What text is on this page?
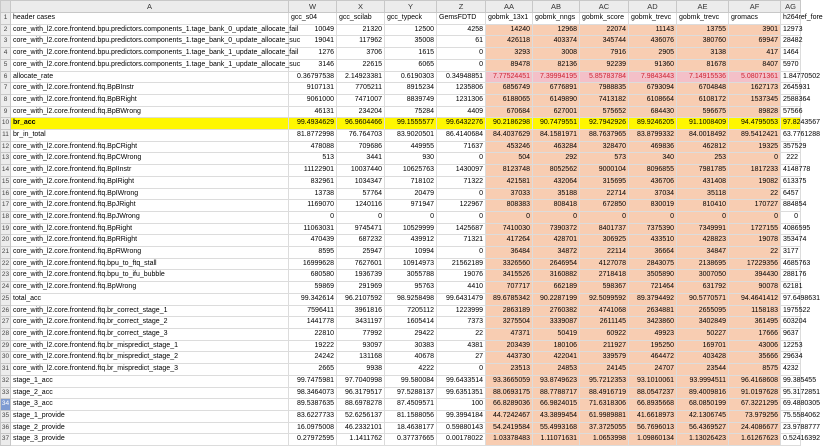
	A	W	X	Y	Z	AA	AB	AC	AD	AE	AF	AG
1	header cases	gcc_s04	gcc_scilab	gcc_typeck	GemsFDTD	gobmk_13x1	gobmk_nngs	gobmk_score	gobmk_trevc	gobmk_trevc	gromacs	h264ref_fore
2	core_with_l2.core.frontend.bpu.predictors.components_1.tage_bank_0_update_allocate_fail	10049	21320	12500	4258	14240	12968	22074	11143	13755	3901	12973
3	core_with_l2.core.frontend.bpu.predictors.components_1.tage_bank_0_update_allocate_suc	19041	117962	35008	61	426118	403374	345744	436076	380760	69947	28482
4	core_with_l2.core.frontend.bpu.predictors.components_1.tage_bank_1_update_allocate_fail	1276	3706	1615	0	3293	3008	7916	2905	3138	417	1464
5	core_with_l2.core.frontend.bpu.predictors.components_1.tage_bank_1_update_allocate_suc	3146	22615	6065	0	89478	82136	92239	91360	81678	8407	5970
6	allocate_rate	0.36797538	2.14923381	0.6190303	0.34948851	7.77524451	7.39994195	5.85783784	7.9843443	7.14915536	5.08071361	1.84770502
7	core_with_l2.core.frontend.ftq.BpBInstr	9107131	7705211	8915234	1235806	6856749	6776891	7988835	6793094	6704848	1627173	2645931
8	core_with_l2.core.frontend.ftq.BpBRight	9061000	7471007	8839749	1231306	6188065	6149890	7413182	6108664	6108172	1537345	2588364
9	core_with_l2.core.frontend.ftq.BpBWrong	46131	234204	75284	4409	670684	627001	575652	684430	596675	89828	57566
10	br_acc	99.4934629	96.9604466	99.1555577	99.6432276	90.2186298	90.7479551	92.7942926	89.9246205	91.1008409	94.4795053	97.8243567
11	br_in_total	81.8772998	76.764703	83.9020501	86.4140684	84.4037629	84.1581971	88.7637965	83.8799332	84.0018492	89.5412421	63.7761288
12	core_with_l2.core.frontend.ftq.BpCRight	478088	709686	449955	71637	453246	463284	328470	469836	462812	19325	357529
13	core_with_l2.core.frontend.ftq.BpCWrong	513	3441	930	0	504	292	573	340	253	0	222
14	core_with_l2.core.frontend.ftq.BpIInstr	11122901	10037440	10625763	1430097	8123748	8052562	9000104	8096855	7981785	1817233	4148778
15	core_with_l2.core.frontend.ftq.BpIRight	832961	1034347	718102	71322	421581	432064	315695	436706	431408	19082	613375
16	core_with_l2.core.frontend.ftq.BpIWrong	13738	57764	20479	0	37033	35188	22714	37034	35118	22	6457
17	core_with_l2.core.frontend.ftq.BpJRight	1169070	1240116	971947	122967	808383	808418	672850	830019	810410	170727	884854
18	core_with_l2.core.frontend.ftq.BpJWrong	0	0	0	0	0	0	0	0	0	0	0
19	core_with_l2.core.frontend.ftq.BpRight	11063031	9745471	10529999	1425687	7410030	7390372	8401737	7375390	7349991	1727155	4086595
20	core_with_l2.core.frontend.ftq.BpRRight	470439	687232	439912	71321	417264	428701	306925	433510	428823	19078	353474
21	core_with_l2.core.frontend.ftq.BpRWrong	8595	25947	10994	0	36484	34872	22114	36664	34847	22	3177
22	core_with_l2.core.frontend.ftq.bpu_to_ftq_stall	16999628	7627601	10914973	21562189	3326560	2646954	4127078	2843075	2138695	17229356	4685763
23	core_with_l2.core.frontend.ftq.bpu_to_ifu_bubble	680580	1936739	3055788	19076	3415526	3160882	2718418	3505890	3007050	394430	288176
24	core_with_l2.core.frontend.ftq.BpWrong	59869	291969	95763	4410	707717	662189	598367	721464	631792	90078	62181
25	total_acc	99.342614	96.2107592	98.9258498	99.6431479	89.6785342	90.2287199	92.5099592	89.3794492	90.5770571	94.4641412	97.6498631
26	core_with_l2.core.frontend.ftq.br_correct_stage_1	7596411	3961816	7205112	1223999	2863189	2760382	4741068	2634881	2655095	1158183	1975522
27	core_with_l2.core.frontend.ftq.br_correct_stage_2	1441778	3431197	1605414	7373	3275504	3339087	2611145	3423860	3402849	361495	603204
28	core_with_l2.core.frontend.ftq.br_correct_stage_3	22810	77992	29422	22	47371	50419	60922	49923	50227	17666	9637
29	core_with_l2.core.frontend.ftq.br_mispredict_stage_1	19222	93097	30383	4381	203439	180106	211927	195250	169701	43006	12253
30	core_with_l2.core.frontend.ftq.br_mispredict_stage_2	24242	131168	40678	27	443730	422041	339579	464472	403428	35666	29634
31	core_with_l2.core.frontend.ftq.br_mispredict_stage_3	2665	9938	4222	0	23513	24853	24145	24707	23544	8575	4232
32	stage_1_acc	99.7475981	97.7040998	99.580084	99.6433514	93.3665059	93.8749623	95.7212353	93.1010061	93.9994511	96.4168608	99.385455
33	stage_2_acc	98.3464073	96.3179517	97.5288137	99.6351351	88.0693175	88.7788717	88.4916719	88.0547237	89.4009816	91.0197628	95.3172851
34	stage_3_acc	89.5387635	88.6978278	87.4509571	100	66.8289036	66.9824015	71.6318306	66.8935668	68.0850199	67.3221295	69.4880305
35	stage_1_provide	83.6227733	52.6256137	81.1588056	99.3994184	44.7242467	43.3899454	61.9989881	41.6618973	42.1306745	73.979256	75.5584062
36	stage_2_provide	16.0975008	46.2332101	18.4638177	0.59880143	54.2419584	55.4993168	37.3725055	56.7696013	56.4369527	24.4086677	23.9788777
37	stage_3_provide	0.27972595	1.1411762	0.37737665	0.00178022	1.03378483	1.11071631	1.0653998	1.09860134	1.13026423	1.61267623	0.52416392
